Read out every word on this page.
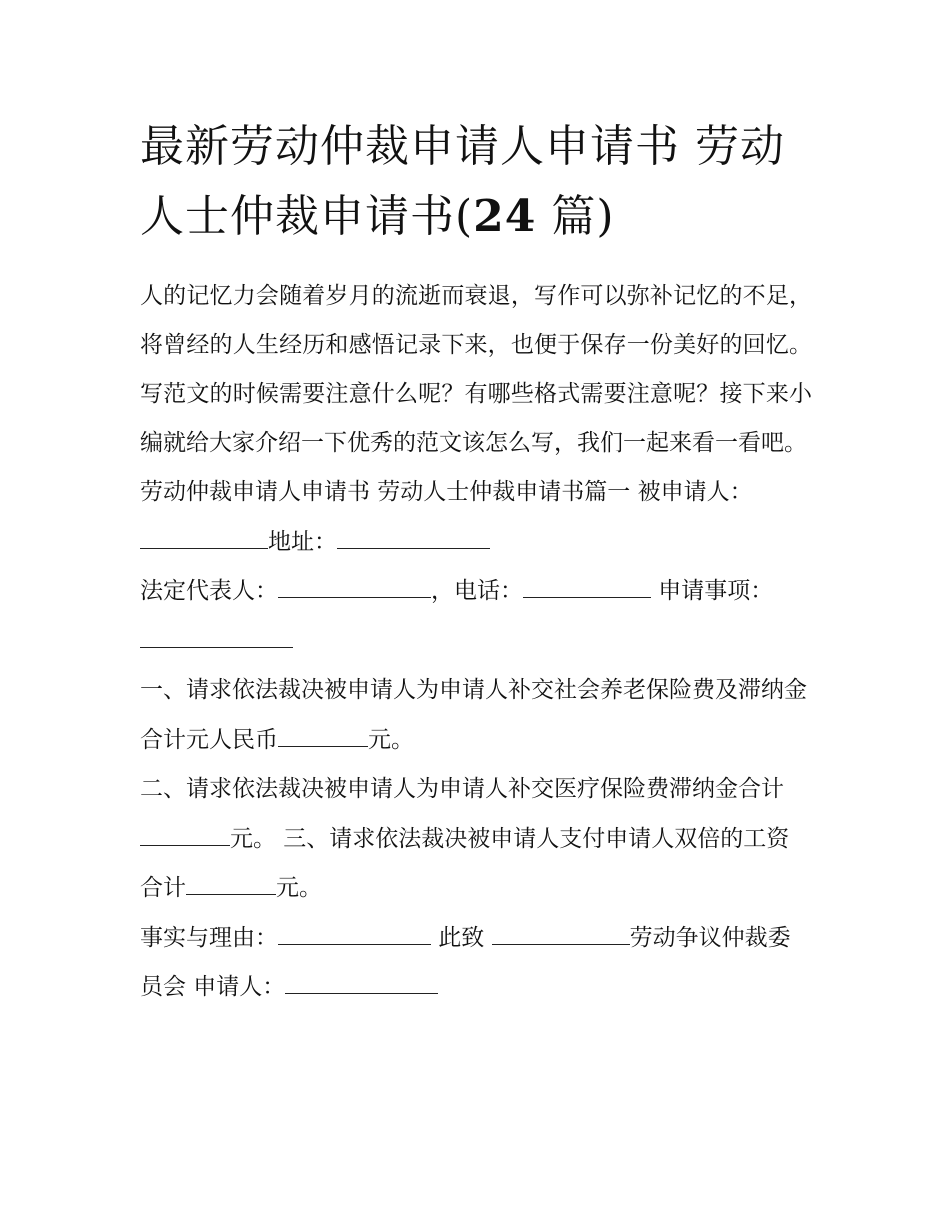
最新劳动仲裁申请人申请书 劳动人士仲裁申请书(24 篇)

人的记忆力会随着岁月的流逝而衰退，写作可以弥补记忆的不足，将曾经的人生经历和感悟记录下来，也便于保存一份美好的回忆。写范文的时候需要注意什么呢？有哪些格式需要注意呢？接下来小编就给大家介绍一下优秀的范文该怎么写，我们一起来看一看吧。

劳动仲裁申请人申请书 劳动人士仲裁申请书篇一 被申请人：
地址：

法定代表人：	，电话：	申请事项：

一、请求依法裁决被申请人为申请人补交社会养老保险费及滞纳金合计元人民币	元。

二、请求依法裁决被申请人为申请人补交医疗保险费滞纳金合计元。 三、请求依法裁决被申请人支付申请人双倍的工资合计	元。

事实与理由：	此致	劳动争议仲裁委员会 申请人：
